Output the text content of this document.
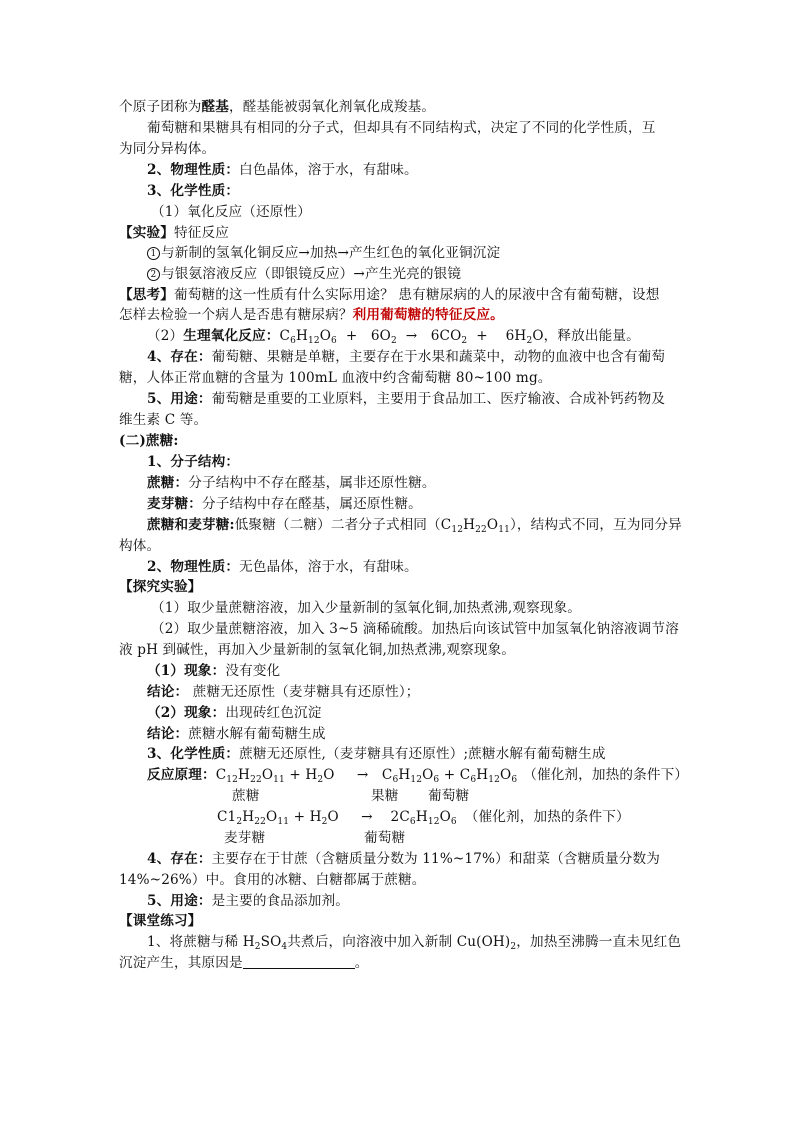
个原子团称为醛基，醛基能被弱氧化剂氧化成羧基。
葡萄糖和果糖具有相同的分子式，但却具有不同结构式，决定了不同的化学性质，互
为同分异构体。
2、物理性质：白色晶体，溶于水，有甜味。
3、化学性质：
（1）氧化反应（还原性）
【实验】特征反应
1 与新制的氢氧化铜反应→加热→产生红色的氧化亚铜沉淀
2 与银氨溶液反应（即银镜反应）→产生光亮的银镜
【思考】葡萄糖的这一性质有什么实际用途？ 患有糖尿病的人的尿液中含有葡萄糖，设想
怎样去检验一个病人是否患有糖尿病？利用葡萄糖的特征反应。
（2）生理氧化反应：$C_6H_{12}O_6 + 6O_2 \to 6CO_2$  +    $6H_2O$，释放出能量。
4、存在：葡萄糖、果糖是单糖，主要存在于水果和蔬菜中，动物的血液中也含有葡萄
糖，人体正常血糖的含量为 100mL 血液中约含葡萄糖 80~100 mg。
5、用途：葡萄糖是重要的工业原料，主要用于食品加工、医疗输液、合成补钙药物及
维生素 C 等。
(二)蔗糖:
1、分子结构：
蔗糖：分子结构中不存在醛基，属非还原性糖。
麦芽糖：分子结构中存在醛基，属还原性糖。
蔗糖和麦芽糖:低聚糖（二糖）二者分子式相同$(C_{12}H_{22}O_{11})$，结构式不同，互为同分异
构体。
2、物理性质：无色晶体，溶于水，有甜味。
【探究实验】
（1）取少量蔗糖溶液，加入少量新制的氢氧化铜,加热煮沸,观察现象。
（2）取少量蔗糖溶液，加入 3~5 滴稀硫酸。加热后向该试管中加氢氧化钠溶液调节溶
液 pH 到碱性，再加入少量新制的氢氧化铜,加热煮沸,观察现象。
（1）现象：没有变化
结论： 蔗糖无还原性（麦芽糖具有还原性）；
（2）现象：出现砖红色沉淀
结论：蔗糖水解有葡萄糖生成
3、化学性质：蔗糖无还原性,（麦芽糖具有还原性）;蔗糖水解有葡萄糖生成
反应原理：$C_{12}H_{22}O_{11} + H_2O$     →   $C_6H_{12}O_6 + C_6H_{12}O_6$ （催化剂，加热的条件下）
蔗糖	果糖 葡萄糖
$C1_2H_{22}O_{11} + H_2O$     →    $2C_6H_{12}O_6$ （催化剂，加热的条件下）
麦芽糖	葡萄糖
4、存在：主要存在于甘蔗（含糖质量分数为 11%~17%）和甜菜（含糖质量分数为
14%~26%）中。食用的冰糖、白糖都属于蔗糖。
5、用途：是主要的食品添加剂。
【课堂练习】
1、将蔗糖与稀 $H_2SO_4$共煮后，向溶液中加入新制 $Cu(OH)_2$，加热至沸腾一直未见红色
沉淀产生，其原因是	。
